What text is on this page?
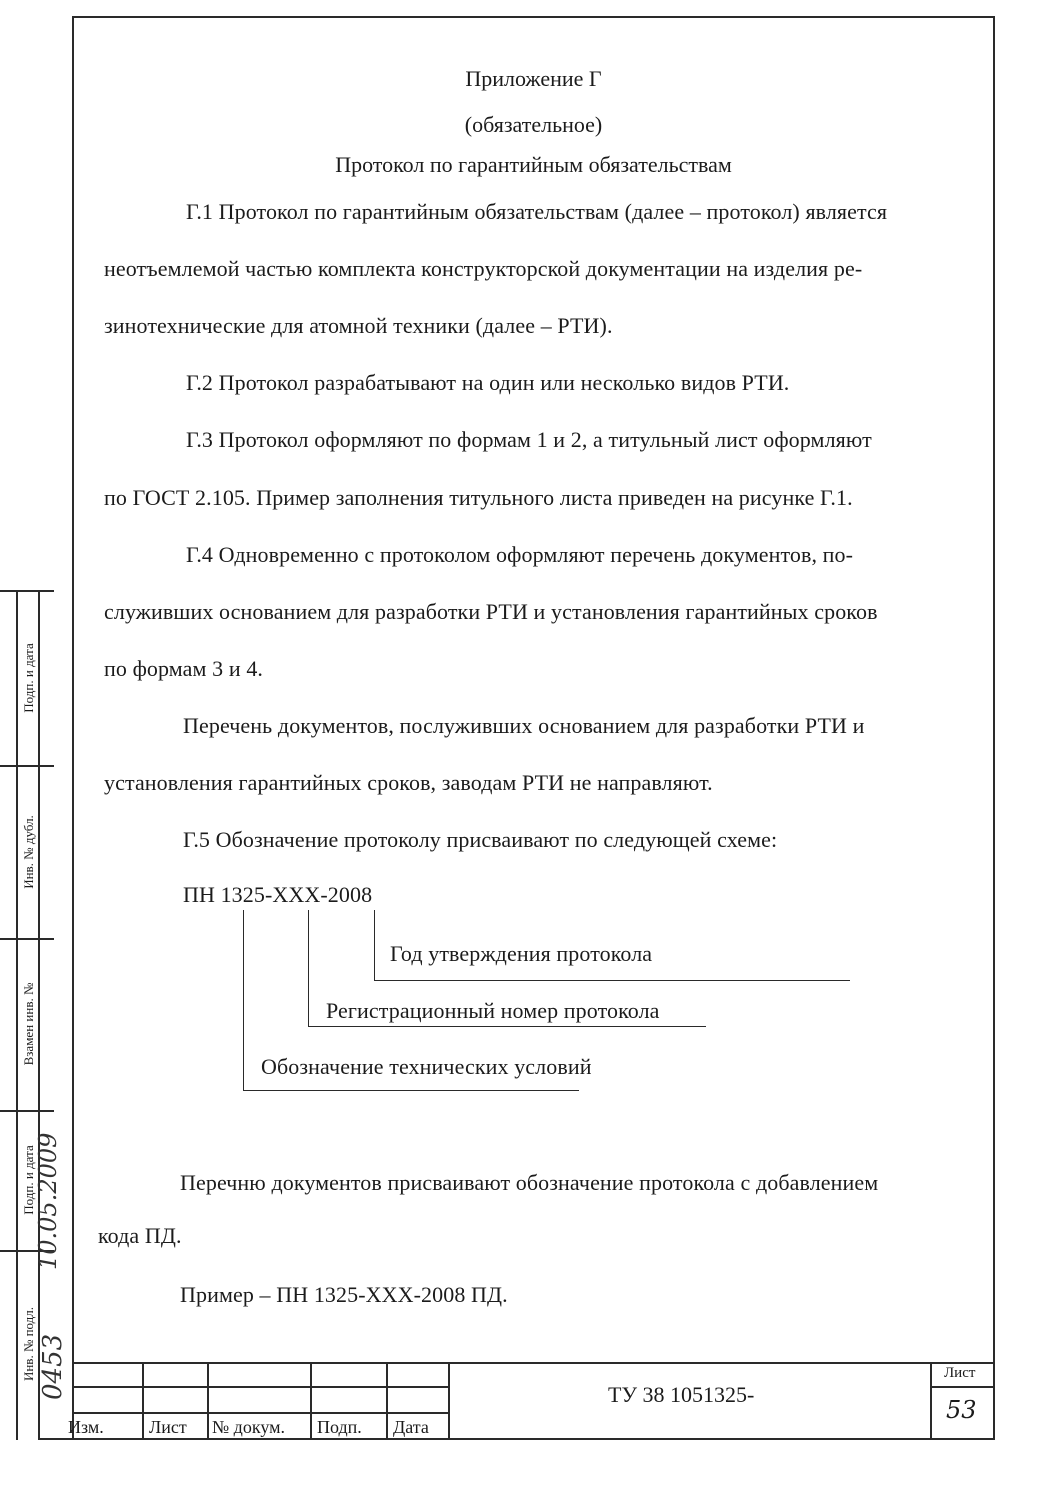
Приложение Г
(обязательное)
Протокол по гарантийным обязательствам
Г.1 Протокол по гарантийным обязательствам (далее – протокол) является
неотъемлемой частью комплекта конструкторской документации на изделия ре-
зинотехнические для атомной техники (далее – РТИ).
Г.2 Протокол разрабатывают на один или несколько видов РТИ.
Г.3 Протокол оформляют по формам 1 и 2, а титульный лист оформляют
по ГОСТ 2.105. Пример заполнения титульного листа приведен на рисунке Г.1.
Г.4 Одновременно с протоколом оформляют перечень документов, по-
служивших основанием для разработки РТИ и установления гарантийных сроков
по формам 3 и 4.
Перечень документов, послуживших основанием для разработки РТИ и
установления гарантийных сроков, заводам РТИ не направляют.
Г.5 Обозначение протоколу присваивают по следующей схеме:
ПН 1325-ХХХ-2008
Год утверждения протокола
Регистрационный номер протокола
Обозначение технических условий
Перечню документов присваивают обозначение протокола с добавлением
кода ПД.
Пример – ПН 1325-ХХХ-2008 ПД.
Подп. и дата
Инв. № дубл.
Взамен инв. №
Подп. и дата
Инв. № подл. 0453
10.05.2009
Изм.	Лист № докум. Подп. Дата
ТУ 38 1051325-
Лист
53
